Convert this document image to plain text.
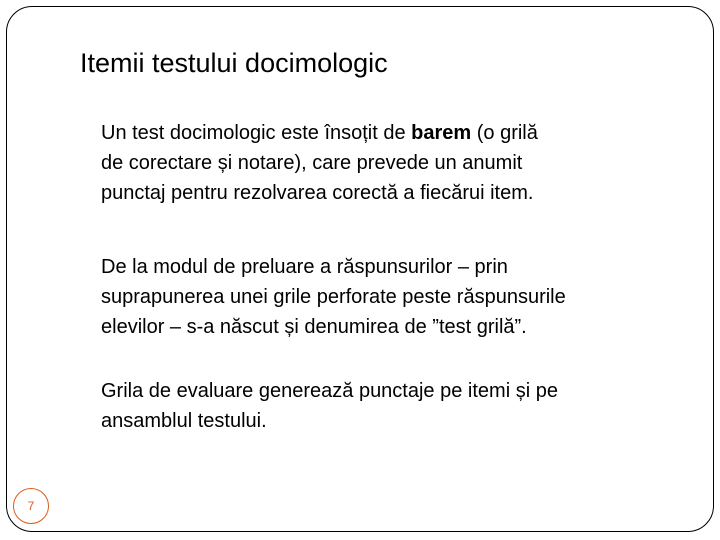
Itemii testului docimologic
Un test docimologic este însoțit de barem (o grilă
de corectare și notare), care prevede un anumit
punctaj pentru rezolvarea corectă a fiecărui item.
De la modul de preluare a răspunsurilor – prin
suprapunerea unei grile perforate peste răspunsurile
elevilor – s-a născut și denumirea de ”test grilă”.
Grila de evaluare generează punctaje pe itemi și pe
ansamblul testului.
7
